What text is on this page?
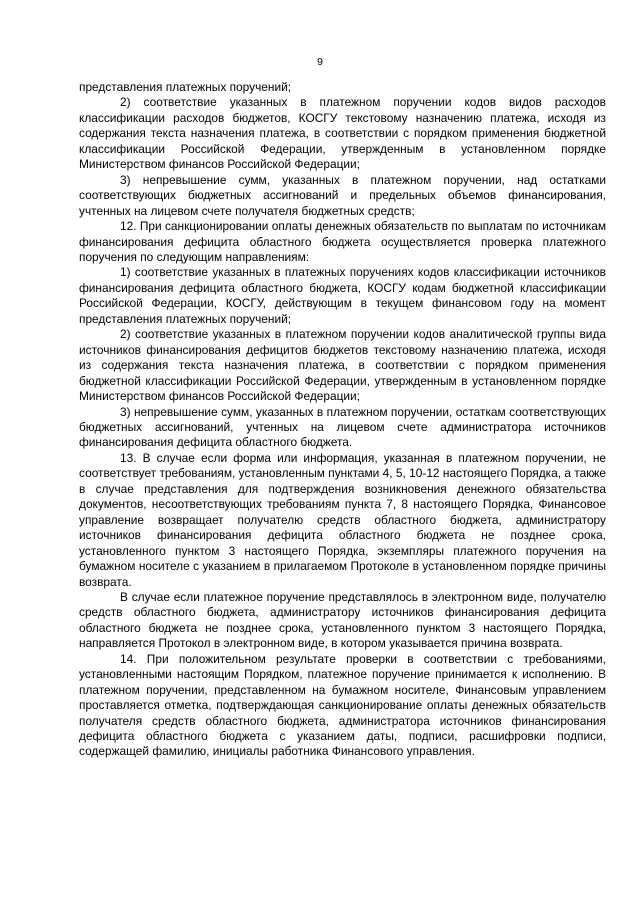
9

представления платежных поручений;

2) соответствие указанных в платежном поручении кодов видов расходов классификации расходов бюджетов, КОСГУ текстовому назначению платежа, исходя из содержания текста назначения платежа, в соответствии с порядком применения бюджетной классификации Российской Федерации, утвержденным в установленном порядке Министерством финансов Российской Федерации;

3) непревышение сумм, указанных в платежном поручении, над остатками соответствующих бюджетных ассигнований и предельных объемов финансирования, учтенных на лицевом счете получателя бюджетных средств;

12. При санкционировании оплаты денежных обязательств по выплатам по источникам финансирования дефицита областного бюджета осуществляется проверка платежного поручения по следующим направлениям:

1) соответствие указанных в платежных поручениях кодов классификации источников финансирования дефицита областного бюджета, КОСГУ кодам бюджетной классификации Российской Федерации, КОСГУ, действующим в текущем финансовом году на момент представления платежных поручений;

2) соответствие указанных в платежном поручении кодов аналитической группы вида источников финансирования дефицитов бюджетов текстовому назначению платежа, исходя из содержания текста назначения платежа, в соответствии с порядком применения бюджетной классификации Российской Федерации, утвержденным в установленном порядке Министерством финансов Российской Федерации;

3) непревышение сумм, указанных в платежном поручении, остаткам соответствующих бюджетных ассигнований, учтенных на лицевом счете администратора источников финансирования дефицита областного бюджета.

13. В случае если форма или информация, указанная в платежном поручении, не соответствует требованиям, установленным пунктами 4, 5, 10-12 настоящего Порядка, а также в случае представления для подтверждения возникновения денежного обязательства документов, несоответствующих требованиям пункта 7, 8 настоящего Порядка, Финансовое управление возвращает получателю средств областного бюджета, администратору источников финансирования дефицита областного бюджета не позднее срока, установленного пунктом 3 настоящего Порядка, экземпляры платежного поручения на бумажном носителе с указанием в прилагаемом Протоколе в установленном порядке причины возврата.

В случае если платежное поручение представлялось в электронном виде, получателю средств областного бюджета, администратору источников финансирования дефицита областного бюджета не позднее срока, установленного пунктом 3 настоящего Порядка, направляется Протокол в электронном виде, в котором указывается причина возврата.

14. При положительном результате проверки в соответствии с требованиями, установленными настоящим Порядком, платежное поручение принимается к исполнению. В платежном поручении, представленном на бумажном носителе, Финансовым управлением проставляется отметка, подтверждающая санкционирование оплаты денежных обязательств получателя средств областного бюджета, администратора источников финансирования дефицита областного бюджета с указанием даты, подписи, расшифровки подписи, содержащей фамилию, инициалы работника Финансового управления.
